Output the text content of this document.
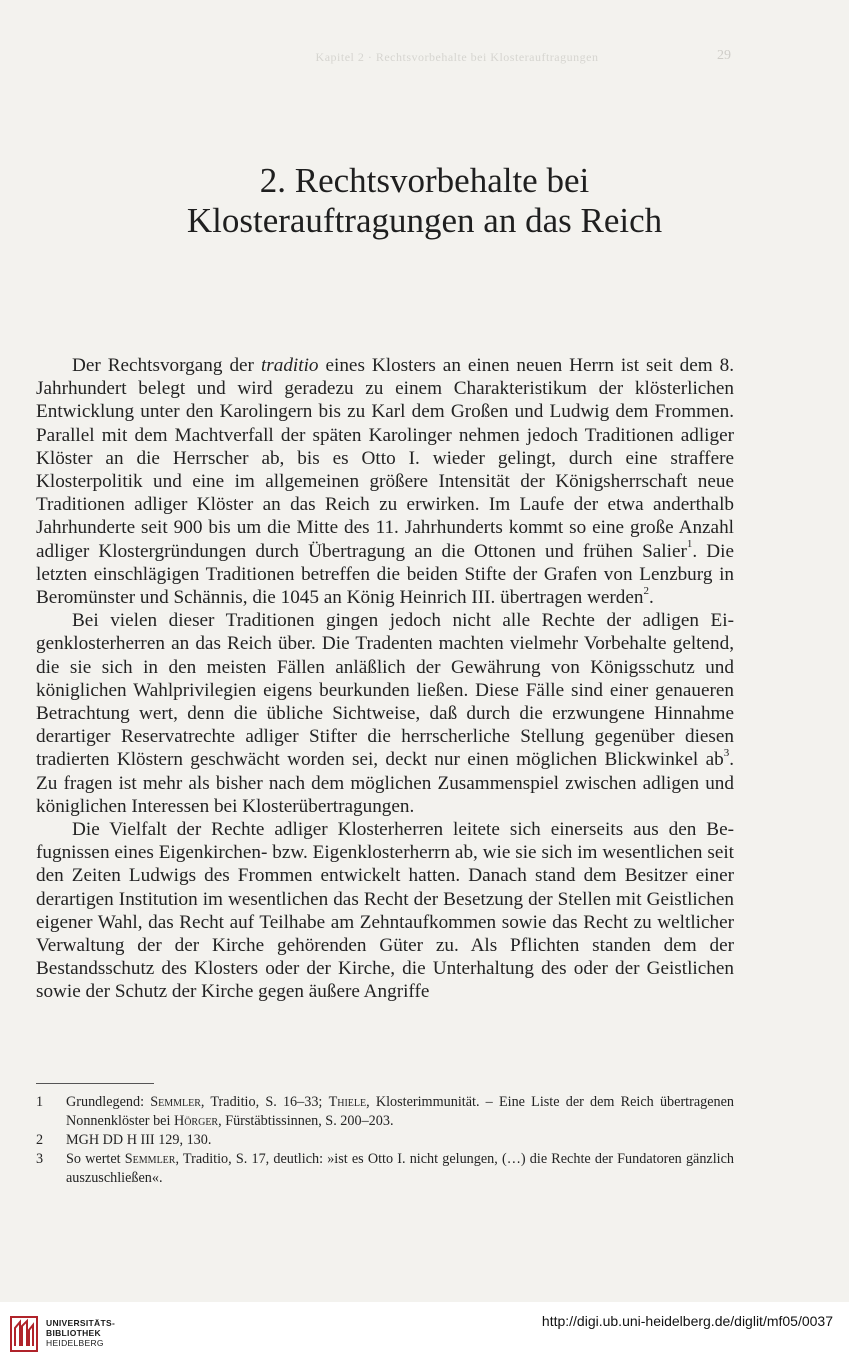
Kapitel 2 · Rechtsvorbehalte bei Klosterauftragungen	29
2. Rechtsvorbehalte bei
Klosterauftragungen an das Reich

Der Rechtsvorgang der traditio eines Klosters an einen neuen Herrn ist seit dem 8. Jahrhundert belegt und wird geradezu zu einem Charakteristikum der klösterlichen Entwicklung unter den Karolingern bis zu Karl dem Großen und Ludwig dem Frommen. Parallel mit dem Machtverfall der späten Karolinger nehmen jedoch Traditionen adliger Klöster an die Herrscher ab, bis es Otto I. wieder gelingt, durch eine straffere Klosterpolitik und eine im allgemeinen größere Intensität der Königsherrschaft neue Traditionen adliger Klöster an das Reich zu erwirken. Im Laufe der etwa anderthalb Jahrhunderte seit 900 bis um die Mitte des 11. Jahrhunderts kommt so eine große Anzahl adliger Klostergründungen durch Übertragung an die Ottonen und frühen Salier$^1$. Die letzten einschlägigen Traditionen betreffen die beiden Stifte der Grafen von Lenzburg in Beromünster und Schännis, die 1045 an König Heinrich III. übertragen werden$^2$.

Bei vielen dieser Traditionen gingen jedoch nicht alle Rechte der adligen Eigenklosterherren an das Reich über. Die Tradenten machten vielmehr Vorbehalte geltend, die sie sich in den meisten Fällen anläßlich der Gewährung von Königsschutz und königlichen Wahlprivilegien eigens beurkunden ließen. Diese Fälle sind einer genaueren Betrachtung wert, denn die übliche Sichtweise, daß durch die erzwungene Hinnahme derartiger Reservatrechte adliger Stifter die herrscherliche Stellung gegenüber diesen tradierten Klöstern geschwächt worden sei, deckt nur einen möglichen Blickwinkel $ab^3$. Zu fragen ist mehr als bisher nach dem möglichen Zusammenspiel zwischen adligen und königlichen Interessen bei Klosterübertragungen.

Die Vielfalt der Rechte adliger Klosterherren leitete sich einerseits aus den Befugnissen eines Eigenkirchen- bzw. Eigenklosterherrn ab, wie sie sich im wesentlichen seit den Zeiten Ludwigs des Frommen entwickelt hatten. Danach stand dem Besitzer einer derartigen Institution im wesentlichen das Recht der Besetzung der Stellen mit Geistlichen eigener Wahl, das Recht auf Teilhabe am Zehntaufkommen sowie das Recht zu weltlicher Verwaltung der der Kirche gehörenden Güter zu. Als Pflichten standen dem der Bestandsschutz des Klosters oder der Kirche, die Unterhaltung des oder der Geistlichen sowie der Schutz der Kirche gegen äußere Angriffe

1	Grundlegend: Semmler, Traditio, S. 16–33; Thiele, Klosterimmunität. – Eine Liste der dem Reich übertragenen Nonnenklöster bei Hörger, Fürstäbtissinnen, S. 200–203.
2	MGH DD H III 129, 130.
3	So wertet Semmler, Traditio, S. 17, deutlich: »ist es Otto I. nicht gelungen, (…) die Rechte der Fundatoren gänzlich auszuschließen«.
UNIVERSITÄTS-
BIBLIOTHEK
HEIDELBERG
http://digi.ub.uni-heidelberg.de/diglit/mf05/0037
